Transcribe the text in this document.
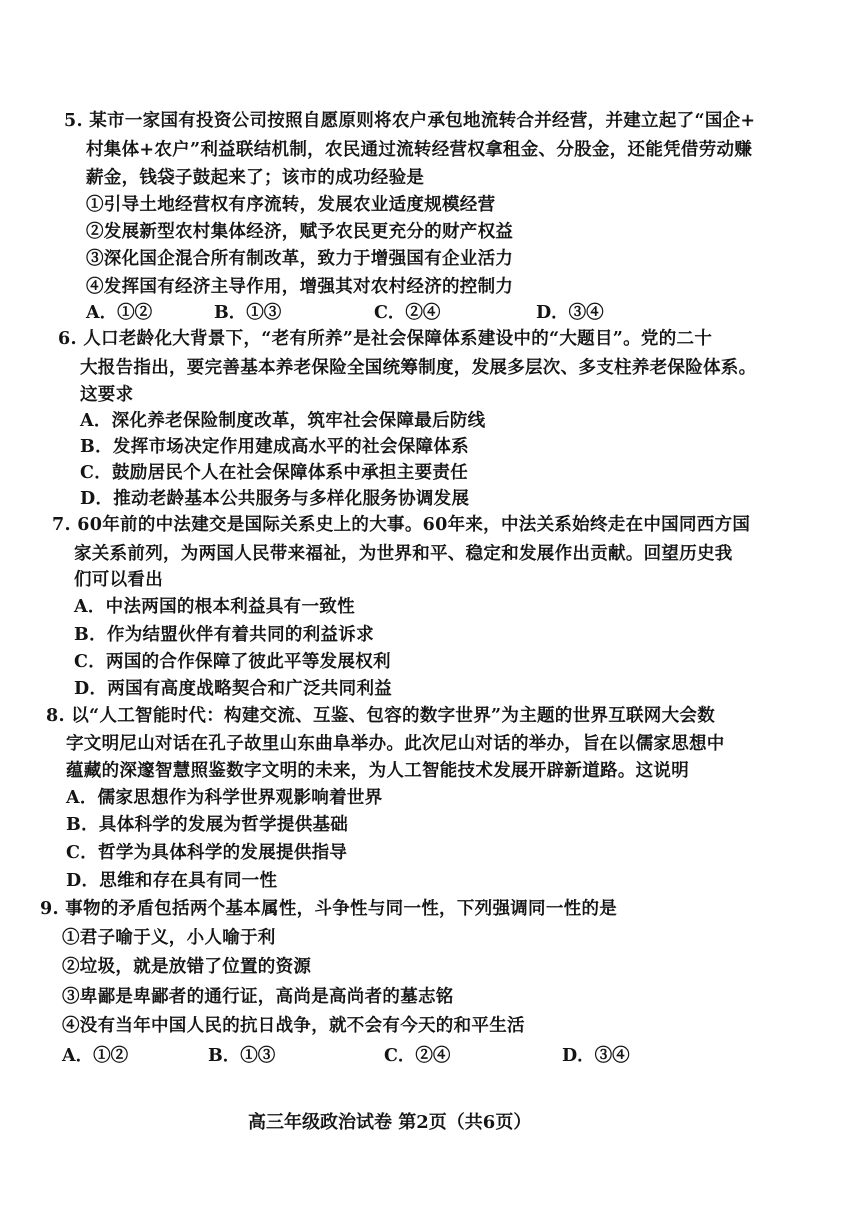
5. 某市一家国有投资公司按照自愿原则将农户承包地流转合并经营，并建立起了“国企+
村集体+农户”利益联结机制，农民通过流转经营权拿租金、分股金，还能凭借劳动赚
薪金，钱袋子鼓起来了；该市的成功经验是
①引导土地经营权有序流转，发展农业适度规模经营
②发展新型农村集体经济，赋予农民更充分的财产权益
③深化国企混合所有制改革，致力于增强国有企业活力
④发挥国有经济主导作用，增强其对农村经济的控制力
A．①②	B．①③	C．②④	D．③④
6. 人口老龄化大背景下，“老有所养”是社会保障体系建设中的“大题目”。党的二十
大报告指出，要完善基本养老保险全国统筹制度，发展多层次、多支柱养老保险体系。
这要求
A．深化养老保险制度改革，筑牢社会保障最后防线
B．发挥市场决定作用建成高水平的社会保障体系
C．鼓励居民个人在社会保障体系中承担主要责任
D．推动老龄基本公共服务与多样化服务协调发展
7. 60年前的中法建交是国际关系史上的大事。60年来，中法关系始终走在中国同西方国
家关系前列，为两国人民带来福祉，为世界和平、稳定和发展作出贡献。回望历史我
们可以看出
A．中法两国的根本利益具有一致性
B．作为结盟伙伴有着共同的利益诉求
C．两国的合作保障了彼此平等发展权利
D．两国有高度战略契合和广泛共同利益
8. 以“人工智能时代：构建交流、互鉴、包容的数字世界”为主题的世界互联网大会数
字文明尼山对话在孔子故里山东曲阜举办。此次尼山对话的举办，旨在以儒家思想中
蕴藏的深邃智慧照鉴数字文明的未来，为人工智能技术发展开辟新道路。这说明
A．儒家思想作为科学世界观影响着世界
B．具体科学的发展为哲学提供基础
C．哲学为具体科学的发展提供指导
D．思维和存在具有同一性
9. 事物的矛盾包括两个基本属性，斗争性与同一性，下列强调同一性的是
①君子喻于义，小人喻于利
②垃圾，就是放错了位置的资源
③卑鄙是卑鄙者的通行证，高尚是高尚者的墓志铭
④没有当年中国人民的抗日战争，就不会有今天的和平生活
A．①②	B．①③	C．②④	D．③④
高三年级政治试卷 第2页（共6页）
